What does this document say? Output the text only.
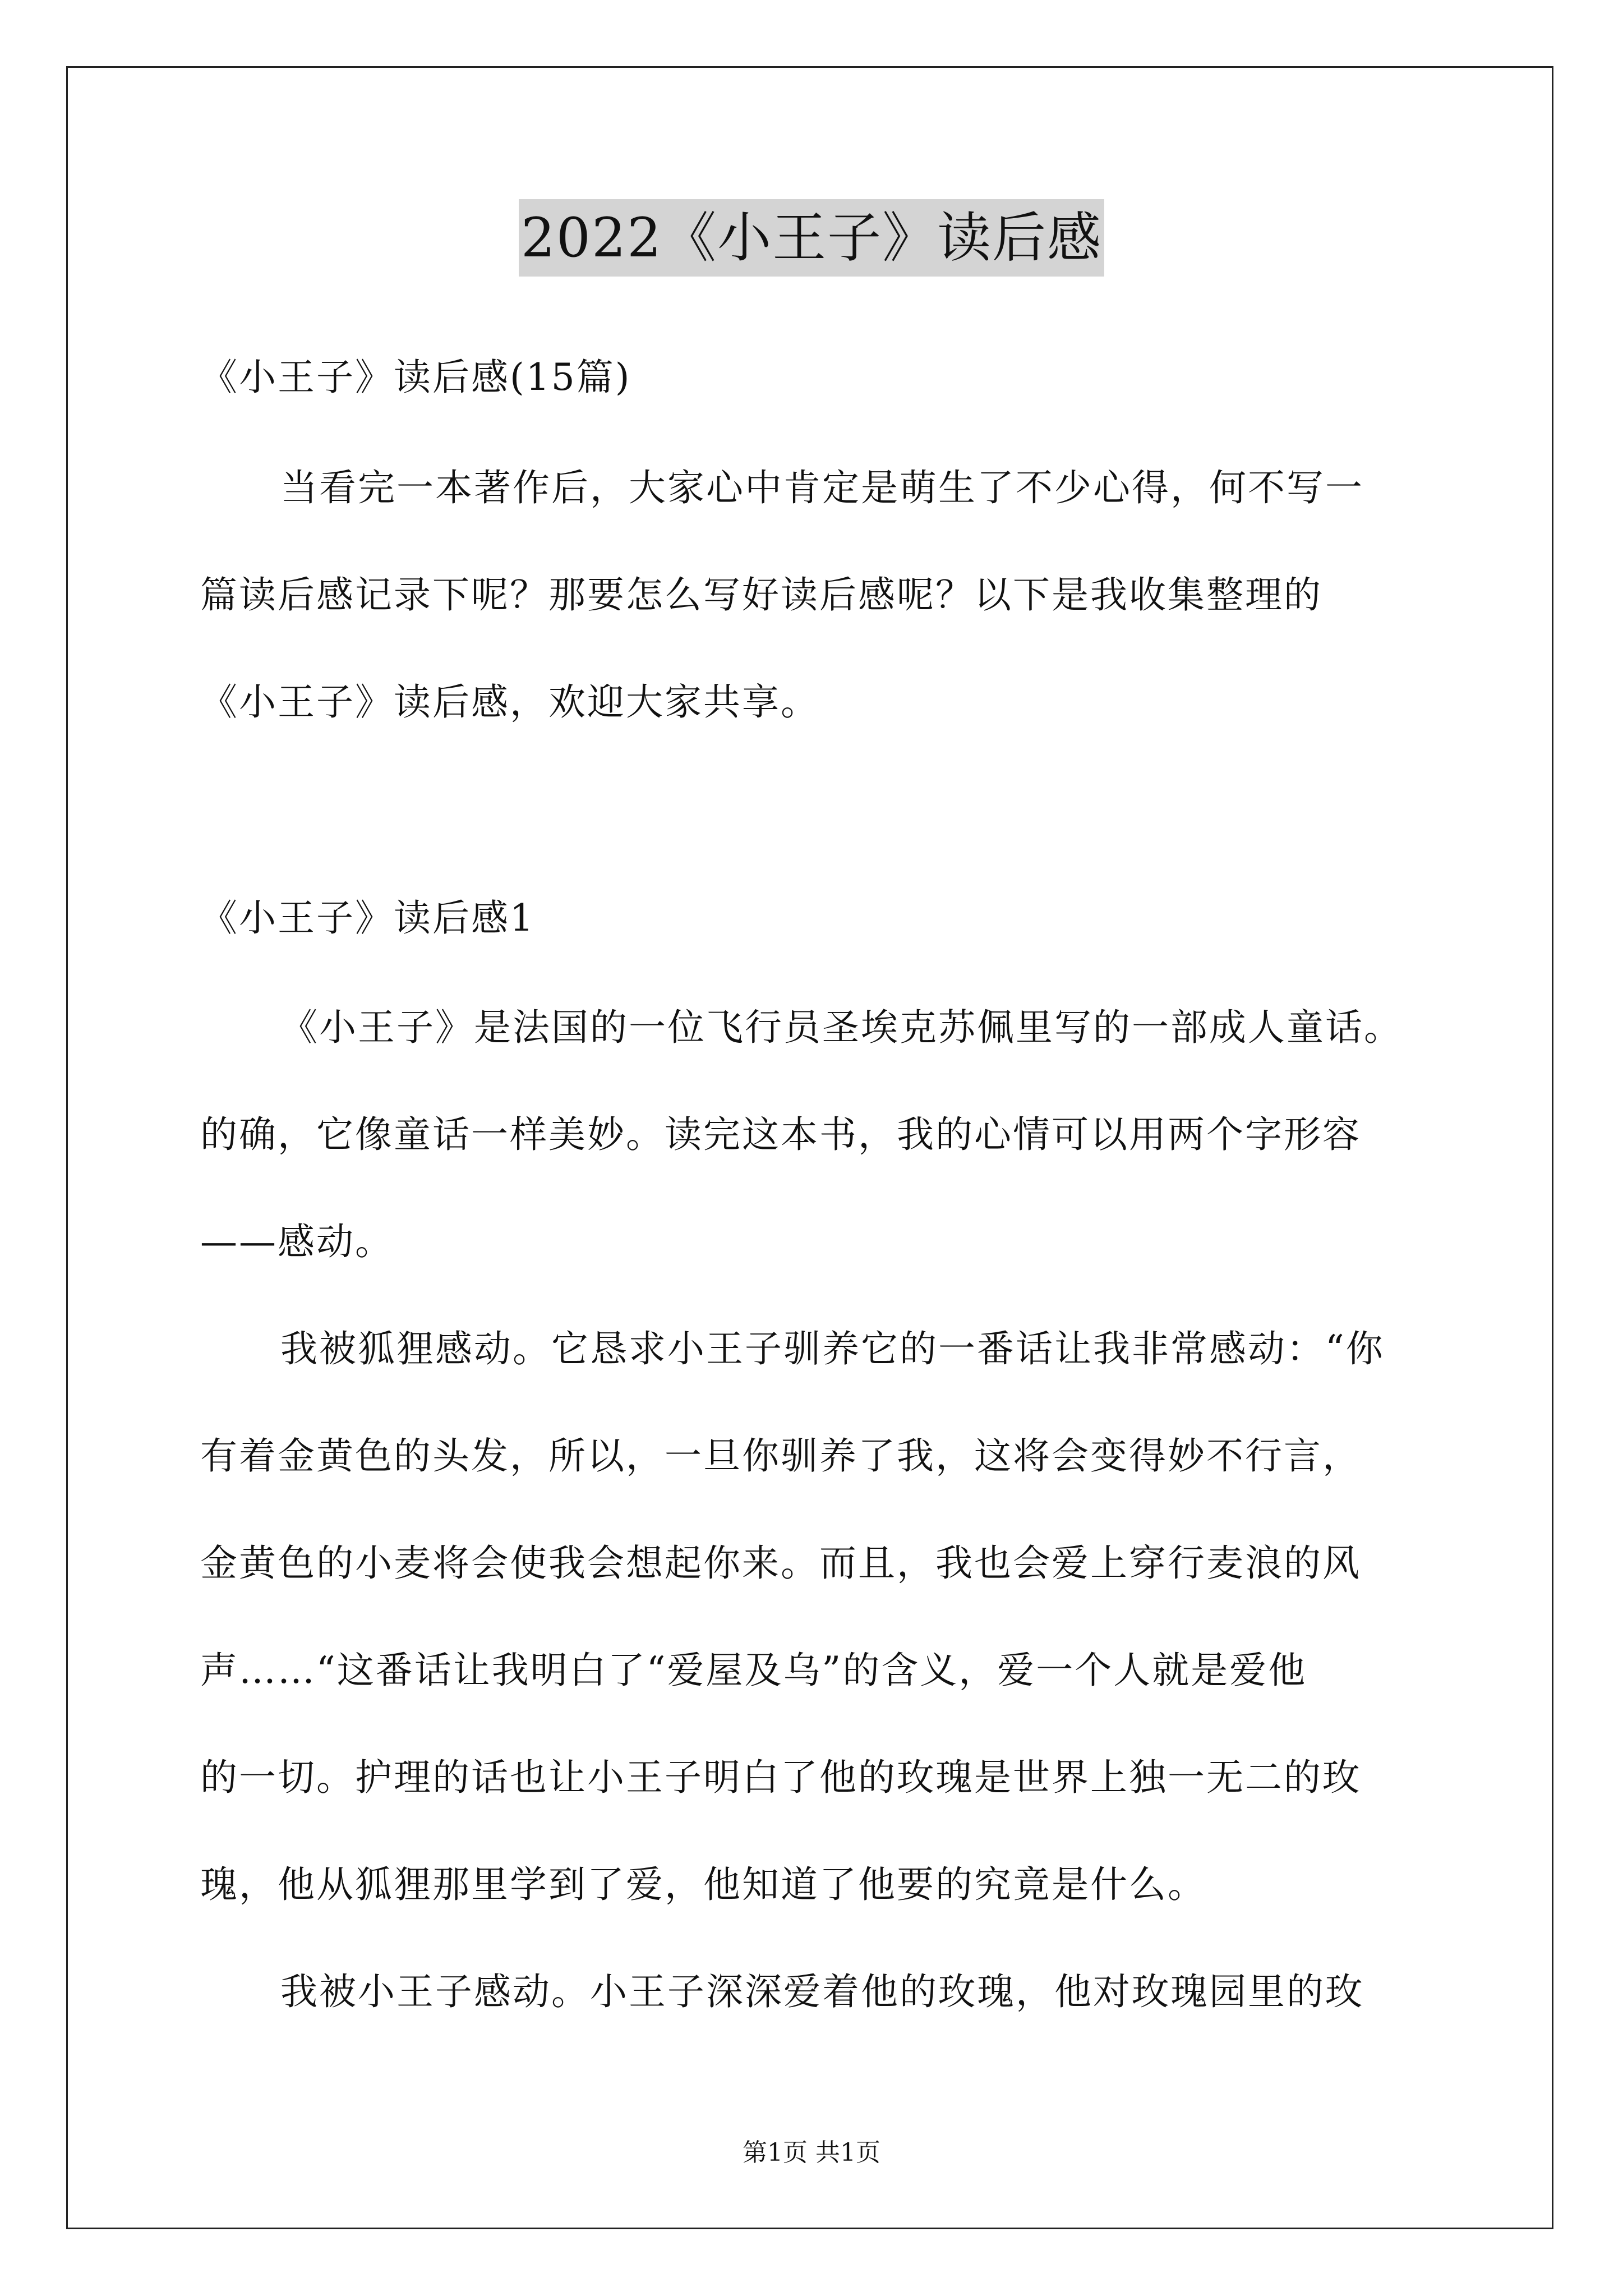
2022《小王子》读后感
《小王子》读后感(15篇)
当看完一本著作后，大家心中肯定是萌生了不少心得，何不写一
篇读后感记录下呢？那要怎么写好读后感呢？以下是我收集整理的
《小王子》读后感，欢迎大家共享。
《小王子》读后感1
《小王子》是法国的一位飞行员圣埃克苏佩里写的一部成人童话。
的确，它像童话一样美妙。读完这本书，我的心情可以用两个字形容
——感动。
我被狐狸感动。它恳求小王子驯养它的一番话让我非常感动：“你
有着金黄色的头发，所以，一旦你驯养了我，这将会变得妙不行言，
金黄色的小麦将会使我会想起你来。而且，我也会爱上穿行麦浪的风
声……“这番话让我明白了“爱屋及乌”的含义，爱一个人就是爱他
的一切。护理的话也让小王子明白了他的玫瑰是世界上独一无二的玫
瑰，他从狐狸那里学到了爱，他知道了他要的究竟是什么。
我被小王子感动。小王子深深爱着他的玫瑰，他对玫瑰园里的玫
第1页 共1页
